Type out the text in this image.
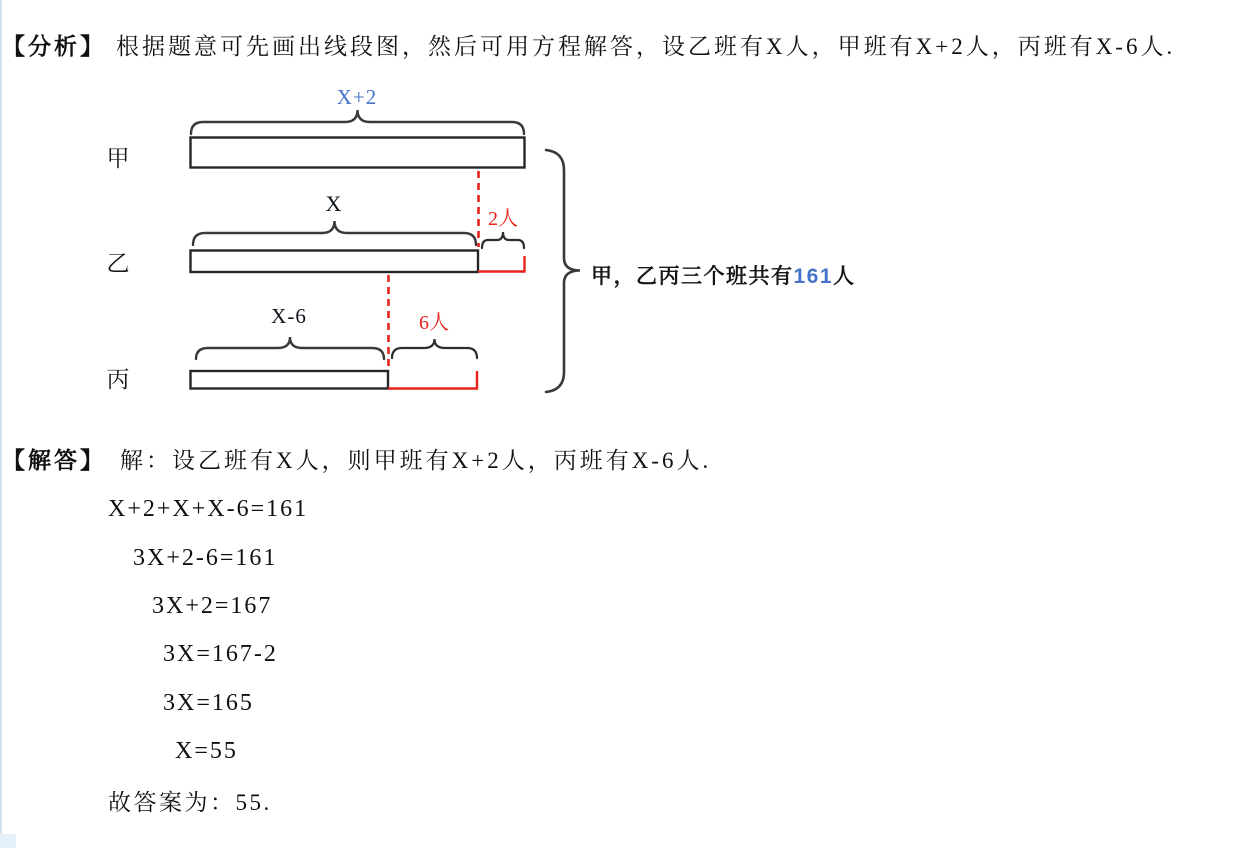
【分析】 根据题意可先画出线段图，然后可用方程解答，设乙班有X人，甲班有X+2人，丙班有X-6人.
X+2
X
X-6
2人
6人
甲
乙
丙
甲，乙丙三个班共有161人
【解答】 解：设乙班有X人，则甲班有X+2人，丙班有X-6人.
X+2+X+X-6=161
3X+2-6=161
3X+2=167
3X=167-2
3X=165
X=55
故答案为：55.
